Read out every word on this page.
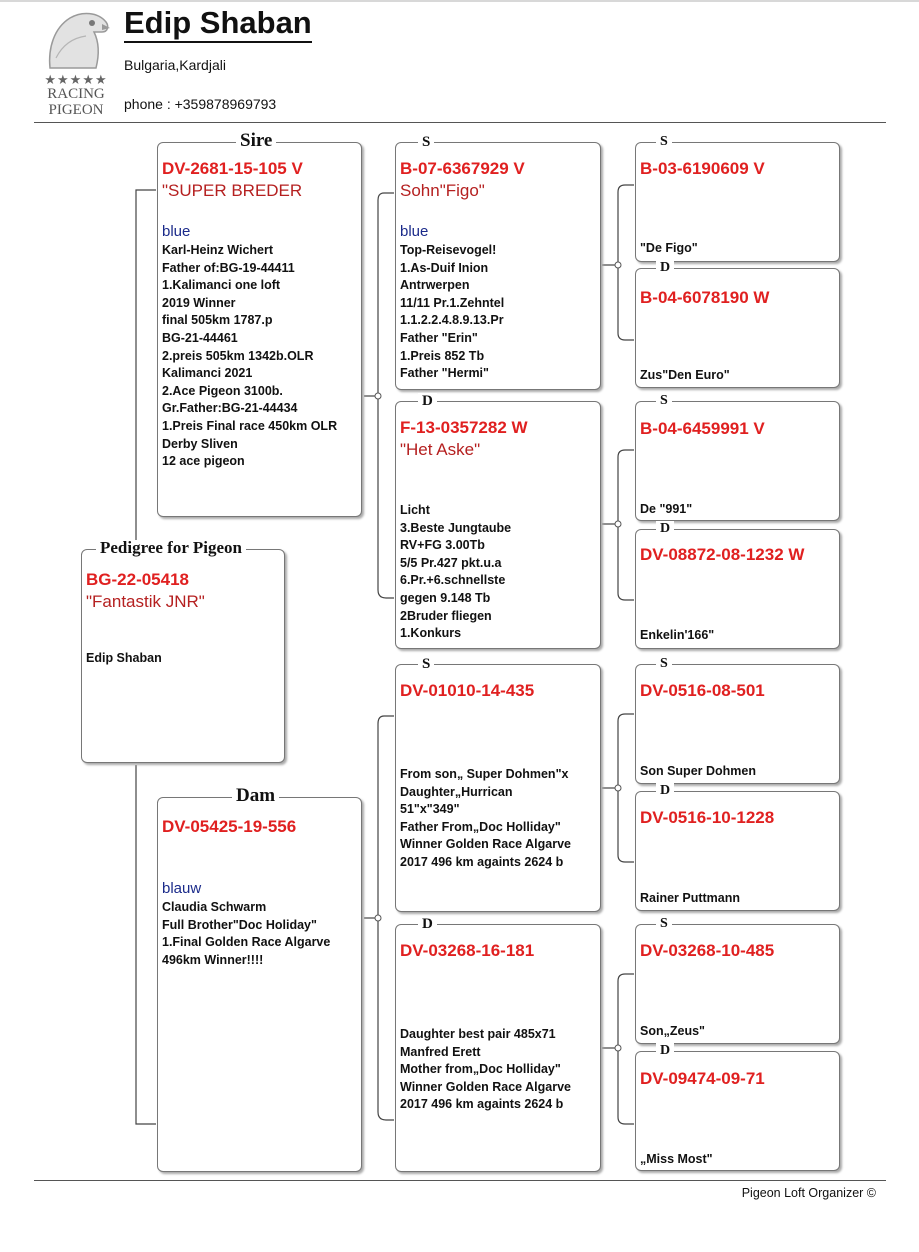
★★★★★
RACING
PIGEON
Edip Shaban
Bulgaria,Kardjali
phone : +359878969793
Pedigree for Pigeon
BG-22-05418
"Fantastik JNR"
Edip Shaban
Sire
DV-2681-15-105 V
"SUPER BREDER
blue
Karl-Heinz Wichert
Father of:BG-19-44411
1.Kalimanci one loft
2019 Winner
final 505km 1787.p
BG-21-44461
2.preis 505km 1342b.OLR
Kalimanci 2021
2.Ace Pigeon 3100b.
Gr.Father:BG-21-44434
1.Preis Final race 450km OLR
Derby Sliven
12 ace pigeon
Dam
DV-05425-19-556
blauw
Claudia Schwarm
Full Brother"Doc Holiday"
1.Final Golden Race Algarve
496km Winner!!!!
S
B-07-6367929 V
Sohn"Figo"
blue
Top-Reisevogel!
1.As-Duif Inion
Antrwerpen
11/11 Pr.1.Zehntel
1.1.2.2.4.8.9.13.Pr
Father "Erin"
1.Preis 852 Tb
Father "Hermi"
D
F-13-0357282 W
"Het Aske"
Licht
3.Beste Jungtaube
RV+FG 3.00Tb
5/5 Pr.427 pkt.u.a
6.Pr.+6.schnellste
gegen 9.148 Tb
2Bruder fliegen
1.Konkurs
S
DV-01010-14-435
From son„ Super Dohmen"x
Daughter„Hurrican
51"x"349"
Father From„Doc Holliday"
Winner Golden Race Algarve
2017 496 km againts 2624 b
D
DV-03268-16-181
Daughter best pair 485x71
Manfred Erett
Mother from„Doc Holliday"
Winner Golden Race Algarve
2017 496 km againts 2624 b
S
B-03-6190609 V
"De Figo"
D
B-04-6078190 W
Zus"Den Euro"
S
B-04-6459991 V
De "991"
D
DV-08872-08-1232 W
Enkelin'166"
S
DV-0516-08-501
Son Super Dohmen
D
DV-0516-10-1228
Rainer Puttmann
S
DV-03268-10-485
Son„Zeus"
D
DV-09474-09-71
„Miss Most"
Pigeon Loft Organizer ©
